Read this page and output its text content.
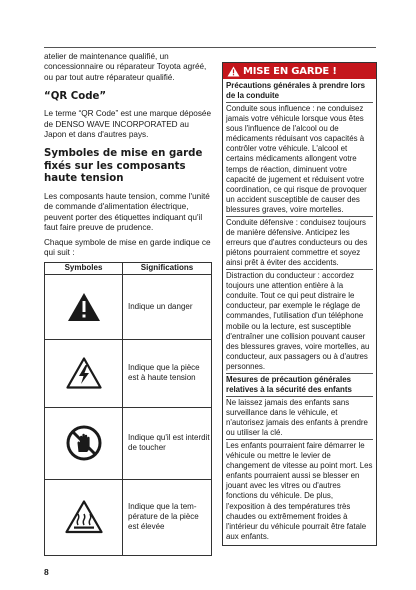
atelier de maintenance qualifié, un concessionnaire ou réparateur Toyota agréé, ou par tout autre réparateur qualifié.

“QR Code”

Le terme “QR Code” est une marque déposée de DENSO WAVE INCORPORATED au Japon et dans d'autres pays.

Symboles de mise en garde fixés sur les composants haute tension

Les composants haute tension, comme l'unité de commande d'alimentation électrique, peuvent porter des étiquettes indiquant qu'il faut faire preuve de prudence.

Chaque symbole de mise en garde indique ce qui suit :

Symboles	Significations

	Indique un danger

	Indique que la pièce est à haute tension

	Indique qu'il est interdit de toucher

	Indique que la tem-pérature de la pièce est élevée
MISE EN GARDE !

Précautions générales à prendre lors de la conduite

Conduite sous influence : ne conduisez jamais votre véhicule lorsque vous êtes sous l'influence de l'alcool ou de médicaments réduisant vos capacités à contrôler votre véhicule. L'alcool et certains médicaments allongent votre temps de réaction, diminuent votre capacité de jugement et réduisent votre coordination, ce qui risque de provoquer un accident susceptible de causer des blessures graves, voire mortelles.

Conduite défensive : conduisez toujours de manière défensive. Anticipez les erreurs que d'autres conducteurs ou des piétons pourraient commettre et soyez ainsi prêt à éviter des accidents.

Distraction du conducteur : accordez toujours une attention entière à la conduite. Tout ce qui peut distraire le conducteur, par exemple le réglage de commandes, l'utilisation d'un téléphone mobile ou la lecture, est susceptible d'entraîner une collision pouvant causer des blessures graves, voire mortelles, au conducteur, aux passagers ou à d'autres personnes.

Mesures de précaution générales relatives à la sécurité des enfants

Ne laissez jamais des enfants sans surveillance dans le véhicule, et n'autorisez jamais des enfants à prendre ou utiliser la clé.

Les enfants pourraient faire démarrer le véhicule ou mettre le levier de changement de vitesse au point mort. Les enfants pourraient aussi se blesser en jouant avec les vitres ou d'autres fonctions du véhicule. De plus, l'exposition à des températures très chaudes ou extrêmement froides à l'intérieur du véhicule pourrait être fatale aux enfants.

8
